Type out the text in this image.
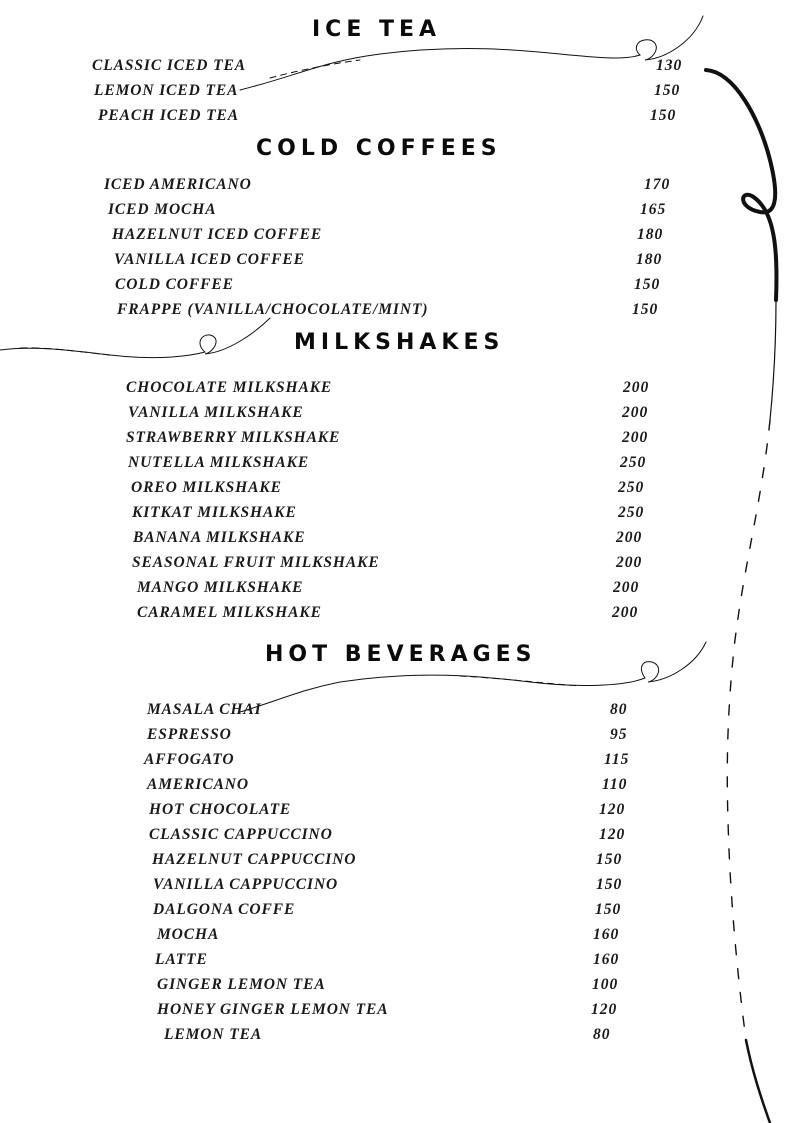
ICE TEA
CLASSIC ICED TEA	130
LEMON ICED TEA	150
PEACH ICED TEA	150
COLD COFFEES
ICED AMERICANO	170
ICED MOCHA	165
HAZELNUT ICED COFFEE	180
VANILLA ICED COFFEE	180
COLD COFFEE	150
FRAPPE (VANILLA/CHOCOLATE/MINT)	150
MILKSHAKES
CHOCOLATE MILKSHAKE	200
VANILLA MILKSHAKE	200
STRAWBERRY MILKSHAKE	200
NUTELLA MILKSHAKE	250
OREO MILKSHAKE	250
KITKAT MILKSHAKE	250
BANANA MILKSHAKE	200
SEASONAL FRUIT MILKSHAKE	200
MANGO MILKSHAKE	200
CARAMEL MILKSHAKE	200
HOT BEVERAGES
MASALA CHAI	80
ESPRESSO	95
AFFOGATO	115
AMERICANO	110
HOT CHOCOLATE	120
CLASSIC CAPPUCCINO	120
HAZELNUT CAPPUCCINO	150
VANILLA CAPPUCCINO	150
DALGONA COFFE	150
MOCHA	160
LATTE	160
GINGER LEMON TEA	100
HONEY GINGER LEMON TEA	120
LEMON TEA	80
